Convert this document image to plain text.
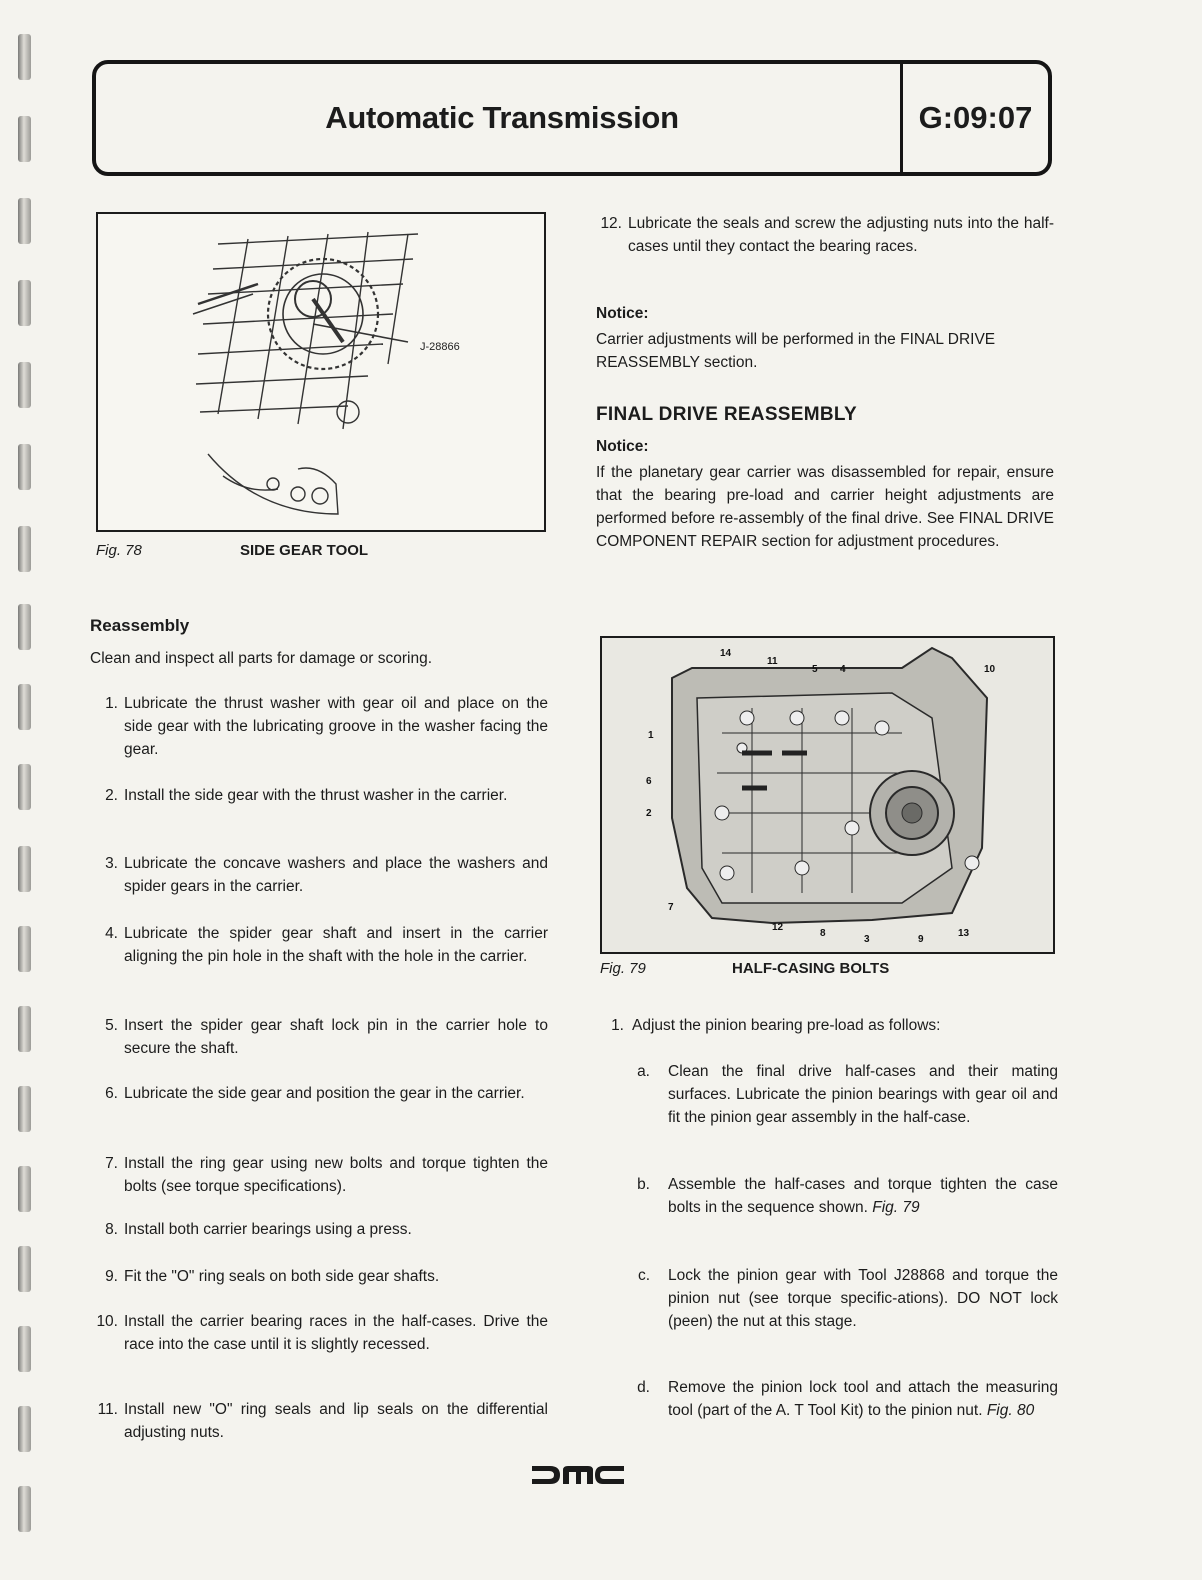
Automatic Transmission	G:09:07
J-28866
Fig. 78	SIDE GEAR TOOL
Reassembly
Clean and inspect all parts for damage or scoring.
1. Lubricate the thrust washer with gear oil and place on the side gear with the lubricating groove in the washer facing the gear.
2. Install the side gear with the thrust washer in the carrier.
3. Lubricate the concave washers and place the washers and spider gears in the carrier.
4. Lubricate the spider gear shaft and insert in the carrier aligning the pin hole in the shaft with the hole in the carrier.
5. Insert the spider gear shaft lock pin in the carrier hole to secure the shaft.
6. Lubricate the side gear and position the gear in the carrier.
7. Install the ring gear using new bolts and torque tighten the bolts (see torque specifications).
8. Install both carrier bearings using a press.
9. Fit the "O" ring seals on both side gear shafts.
10. Install the carrier bearing races in the half-cases. Drive the race into the case until it is slightly recessed.
11. Install new "O" ring seals and lip seals on the differential adjusting nuts.
12. Lubricate the seals and screw the adjusting nuts into the half-cases until they contact the bearing races.
Notice:
Carrier adjustments will be performed in the FINAL DRIVE REASSEMBLY section.
FINAL DRIVE REASSEMBLY
Notice:
If the planetary gear carrier was disassembled for repair, ensure that the bearing pre-load and carrier height adjustments are performed before re-assembly of the final drive. See FINAL DRIVE COMPONENT REPAIR section for adjustment procedures.
14
11
5 4	10
1
6
2
7
12
8
3	9
13
Fig. 79	HALF-CASING BOLTS
1. Adjust the pinion bearing pre-load as follows:
a. Clean the final drive half-cases and their mating surfaces. Lubricate the pinion bearings with gear oil and fit the pinion gear assembly in the half-case.
b. Assemble the half-cases and torque tighten the case bolts in the sequence shown. Fig. 79
c. Lock the pinion gear with Tool J28868 and torque the pinion nut (see torque specific-ations). DO NOT lock (peen) the nut at this stage.
d. Remove the pinion lock tool and attach the measuring tool (part of the A. T Tool Kit) to the pinion nut. Fig. 80
